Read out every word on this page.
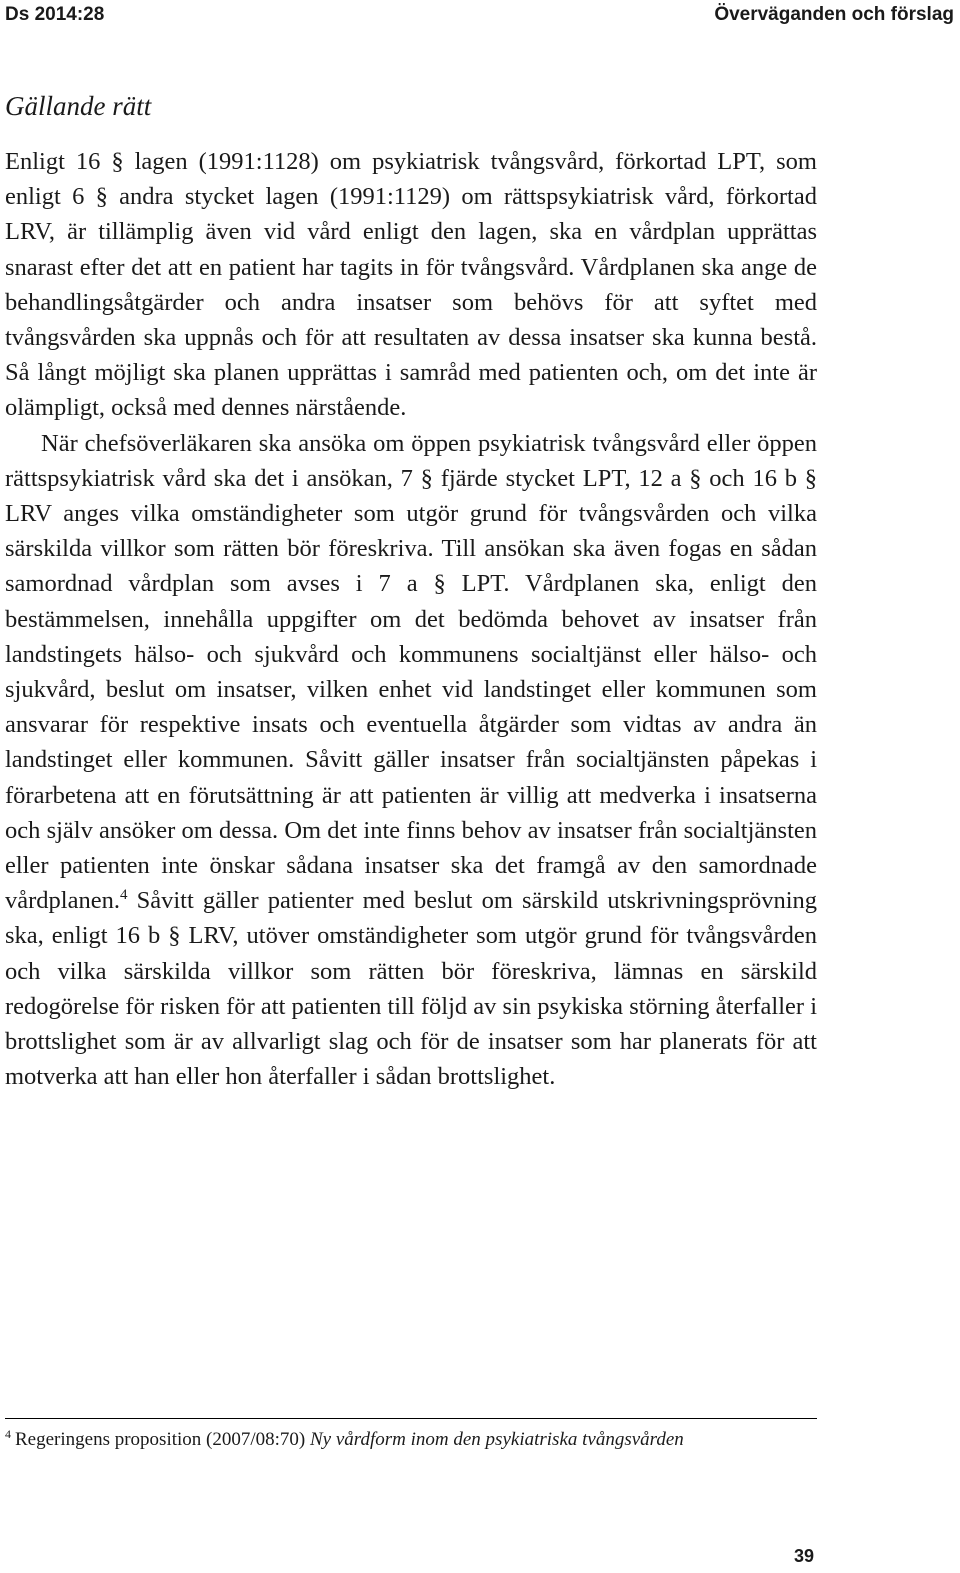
Ds 2014:28	Överväganden och förslag
Gällande rätt

Enligt 16 § lagen (1991:1128) om psykiatrisk tvångsvård, förkortad LPT, som enligt 6 § andra stycket lagen (1991:1129) om rättspsykiatrisk vård, förkortad LRV, är tillämplig även vid vård enligt den lagen, ska en vårdplan upprättas snarast efter det att en patient har tagits in för tvångsvård. Vårdplanen ska ange de behandlingsåtgärder och andra insatser som behövs för att syftet med tvångsvården ska uppnås och för att resultaten av dessa insatser ska kunna bestå. Så långt möjligt ska planen upprättas i samråd med patienten och, om det inte är olämpligt, också med dennes närstående.

När chefsöverläkaren ska ansöka om öppen psykiatrisk tvångsvård eller öppen rättspsykiatrisk vård ska det i ansökan, 7 § fjärde stycket LPT, 12 a § och 16 b § LRV anges vilka omständigheter som utgör grund för tvångsvården och vilka särskilda villkor som rätten bör föreskriva. Till ansökan ska även fogas en sådan samordnad vårdplan som avses i 7 a § LPT. Vårdplanen ska, enligt den bestämmelsen, innehålla uppgifter om det bedömda behovet av insatser från landstingets hälso- och sjukvård och kommunens socialtjänst eller hälso- och sjukvård, beslut om insatser, vilken enhet vid landstinget eller kommunen som ansvarar för respektive insats och eventuella åtgärder som vidtas av andra än landstinget eller kommunen. Såvitt gäller insatser från socialtjänsten påpekas i förarbetena att en förutsättning är att patienten är villig att medverka i insatserna och själv ansöker om dessa. Om det inte finns behov av insatser från socialtjänsten eller patienten inte önskar sådana insatser ska det framgå av den samordnade vårdplanen.$^4$ Såvitt gäller patienter med beslut om särskild utskrivningsprövning ska, enligt 16 b § LRV, utöver omständigheter som utgör grund för tvångsvården och vilka särskilda villkor som rätten bör föreskriva, lämnas en särskild redogörelse för risken för att patienten till följd av sin psykiska störning återfaller i brottslighet som är av allvarligt slag och för de insatser som har planerats för att motverka att han eller hon återfaller i sådan brottslighet.

$^4$ Regeringens proposition (2007/08:70) Ny vårdform inom den psykiatriska tvångsvården
39
